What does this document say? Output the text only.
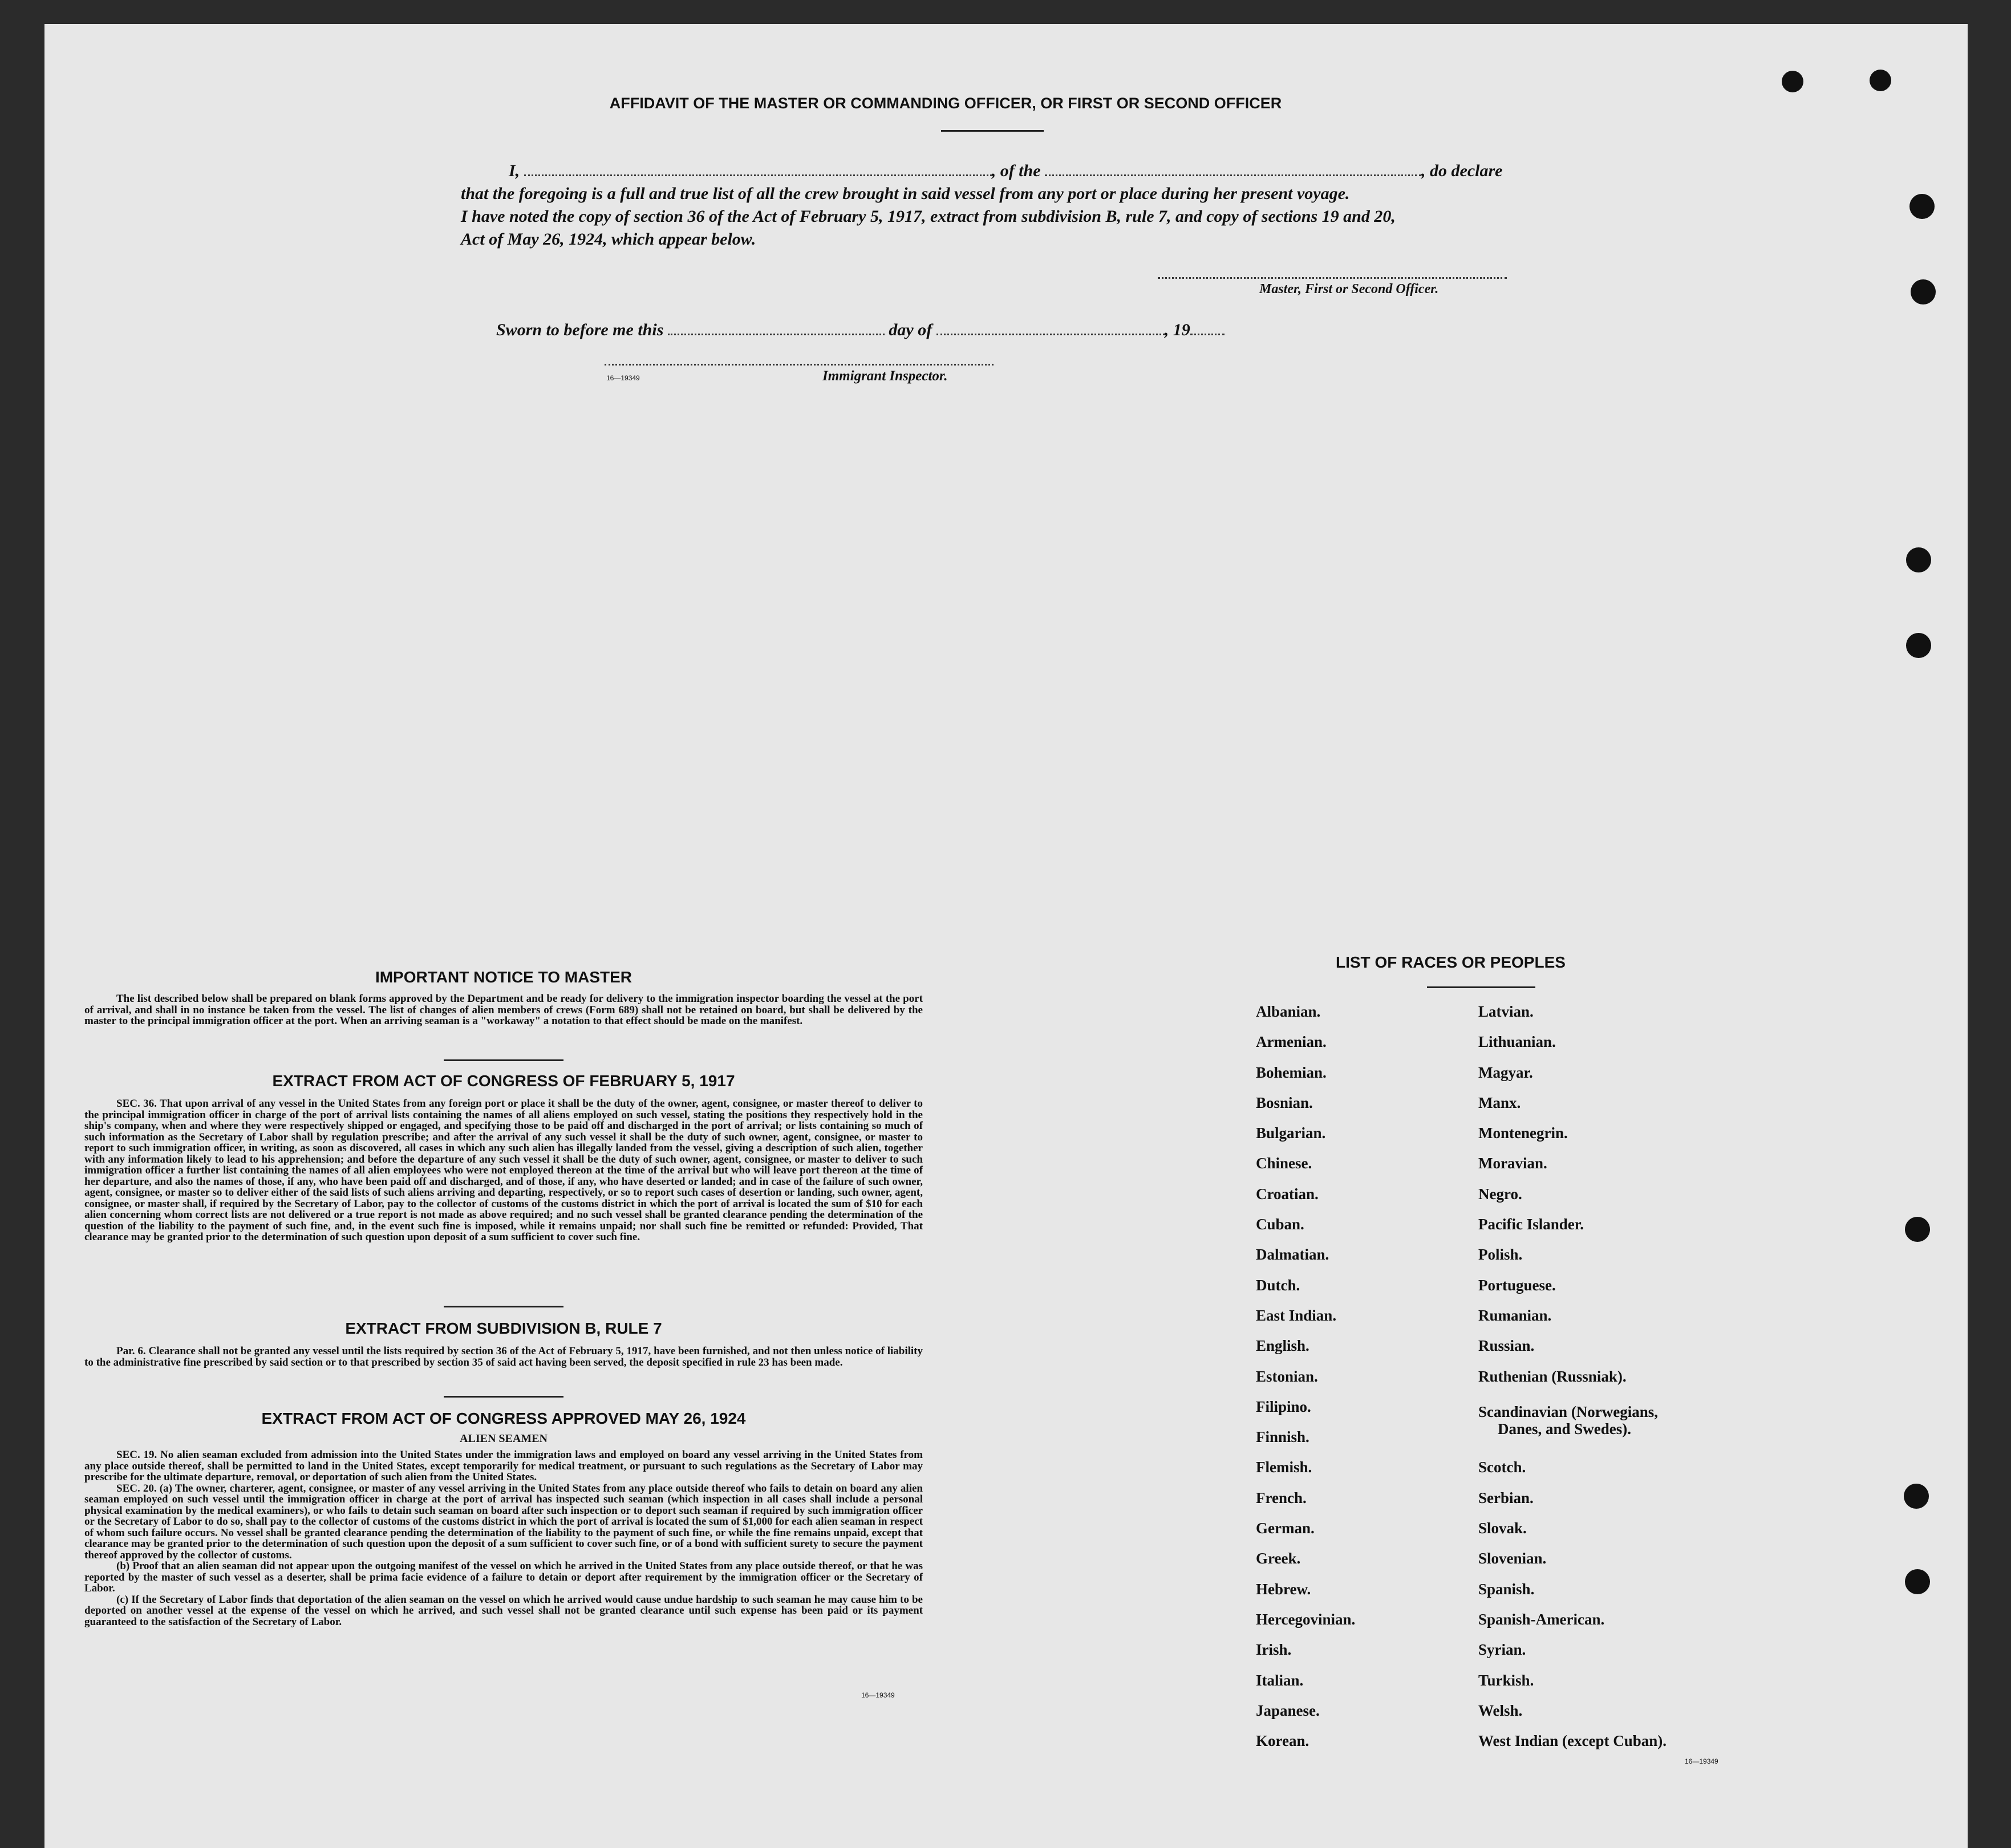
AFFIDAVIT OF THE MASTER OR COMMANDING OFFICER, OR FIRST OR SECOND OFFICER
I,	, of the	, do declare
that the foregoing is a full and true list of all the crew brought in said vessel from any port or place during her present voyage.
I have noted the copy of section 36 of the Act of February 5, 1917, extract from subdivision B, rule 7, and copy of sections 19 and 20,
Act of May 26, 1924, which appear below.
Master, First or Second Officer.
Sworn to before me this	day of	, 19
16—19349	Immigrant Inspector.
IMPORTANT NOTICE TO MASTER

The list described below shall be prepared on blank forms approved by the Department and be ready for delivery to the immigration inspector boarding the vessel at the port of arrival, and shall in no instance be taken from the vessel. The list of changes of alien members of crews (Form 689) shall not be retained on board, but shall be delivered by the master to the principal immigration officer at the port. When an arriving seaman is a "workaway" a notation to that effect should be made on the manifest.

EXTRACT FROM ACT OF CONGRESS OF FEBRUARY 5, 1917

SEC. 36. That upon arrival of any vessel in the United States from any foreign port or place it shall be the duty of the owner, agent, consignee, or master thereof to deliver to the principal immigration officer in charge of the port of arrival lists containing the names of all aliens employed on such vessel, stating the positions they respectively hold in the ship's company, when and where they were respectively shipped or engaged, and specifying those to be paid off and discharged in the port of arrival; or lists containing so much of such information as the Secretary of Labor shall by regulation prescribe; and after the arrival of any such vessel it shall be the duty of such owner, agent, consignee, or master to report to such immigration officer, in writing, as soon as discovered, all cases in which any such alien has illegally landed from the vessel, giving a description of such alien, together with any information likely to lead to his apprehension; and before the departure of any such vessel it shall be the duty of such owner, agent, consignee, or master to deliver to such immigration officer a further list containing the names of all alien employees who were not employed thereon at the time of the arrival but who will leave port thereon at the time of her departure, and also the names of those, if any, who have been paid off and discharged, and of those, if any, who have deserted or landed; and in case of the failure of such owner, agent, consignee, or master so to deliver either of the said lists of such aliens arriving and departing, respectively, or so to report such cases of desertion or landing, such owner, agent, consignee, or master shall, if required by the Secretary of Labor, pay to the collector of customs of the customs district in which the port of arrival is located the sum of $10 for each alien concerning whom correct lists are not delivered or a true report is not made as above required; and no such vessel shall be granted clearance pending the determination of the question of the liability to the payment of such fine, and, in the event such fine is imposed, while it remains unpaid; nor shall such fine be remitted or refunded: Provided, That clearance may be granted prior to the determination of such question upon deposit of a sum sufficient to cover such fine.

EXTRACT FROM SUBDIVISION B, RULE 7

Par. 6. Clearance shall not be granted any vessel until the lists required by section 36 of the Act of February 5, 1917, have been furnished, and not then unless notice of liability to the administrative fine prescribed by said section or to that prescribed by section 35 of said act having been served, the deposit specified in rule 23 has been made.

EXTRACT FROM ACT OF CONGRESS APPROVED MAY 26, 1924
ALIEN SEAMEN

SEC. 19. No alien seaman excluded from admission into the United States under the immigration laws and employed on board any vessel arriving in the United States from any place outside thereof, shall be permitted to land in the United States, except temporarily for medical treatment, or pursuant to such regulations as the Secretary of Labor may prescribe for the ultimate departure, removal, or deportation of such alien from the United States.

SEC. 20. (a) The owner, charterer, agent, consignee, or master of any vessel arriving in the United States from any place outside thereof who fails to detain on board any alien seaman employed on such vessel until the immigration officer in charge at the port of arrival has inspected such seaman (which inspection in all cases shall include a personal physical examination by the medical examiners), or who fails to detain such seaman on board after such inspection or to deport such seaman if required by such immigration officer or the Secretary of Labor to do so, shall pay to the collector of customs of the customs district in which the port of arrival is located the sum of $1,000 for each alien seaman in respect of whom such failure occurs. No vessel shall be granted clearance pending the determination of the liability to the payment of such fine, or while the fine remains unpaid, except that clearance may be granted prior to the determination of such question upon the deposit of a sum sufficient to cover such fine, or of a bond with sufficient surety to secure the payment thereof approved by the collector of customs.

(b) Proof that an alien seaman did not appear upon the outgoing manifest of the vessel on which he arrived in the United States from any place outside thereof, or that he was reported by the master of such vessel as a deserter, shall be prima facie evidence of a failure to detain or deport after requirement by the immigration officer or the Secretary of Labor.

(c) If the Secretary of Labor finds that deportation of the alien seaman on the vessel on which he arrived would cause undue hardship to such seaman he may cause him to be deported on another vessel at the expense of the vessel on which he arrived, and such vessel shall not be granted clearance until such expense has been paid or its payment guaranteed to the satisfaction of the Secretary of Labor.

16—19349
LIST OF RACES OR PEOPLES
Albanian.
Armenian.
Bohemian.
Bosnian.
Bulgarian.
Chinese.
Croatian.
Cuban.
Dalmatian.
Dutch.
East Indian.
English.
Estonian.
Filipino.
Finnish.
Flemish.
French.
German.
Greek.
Hebrew.
Hercegovinian.
Irish.
Italian.
Japanese.
Korean.
Latvian.
Lithuanian.
Magyar.
Manx.
Montenegrin.
Moravian.
Negro.
Pacific Islander.
Polish.
Portuguese.
Rumanian.
Russian.
Ruthenian (Russniak).
Scandinavian (Norwegians,
Danes, and Swedes).
Scotch.
Serbian.
Slovak.
Slovenian.
Spanish.
Spanish-American.
Syrian.
Turkish.
Welsh.
West Indian (except Cuban).
16—19349
